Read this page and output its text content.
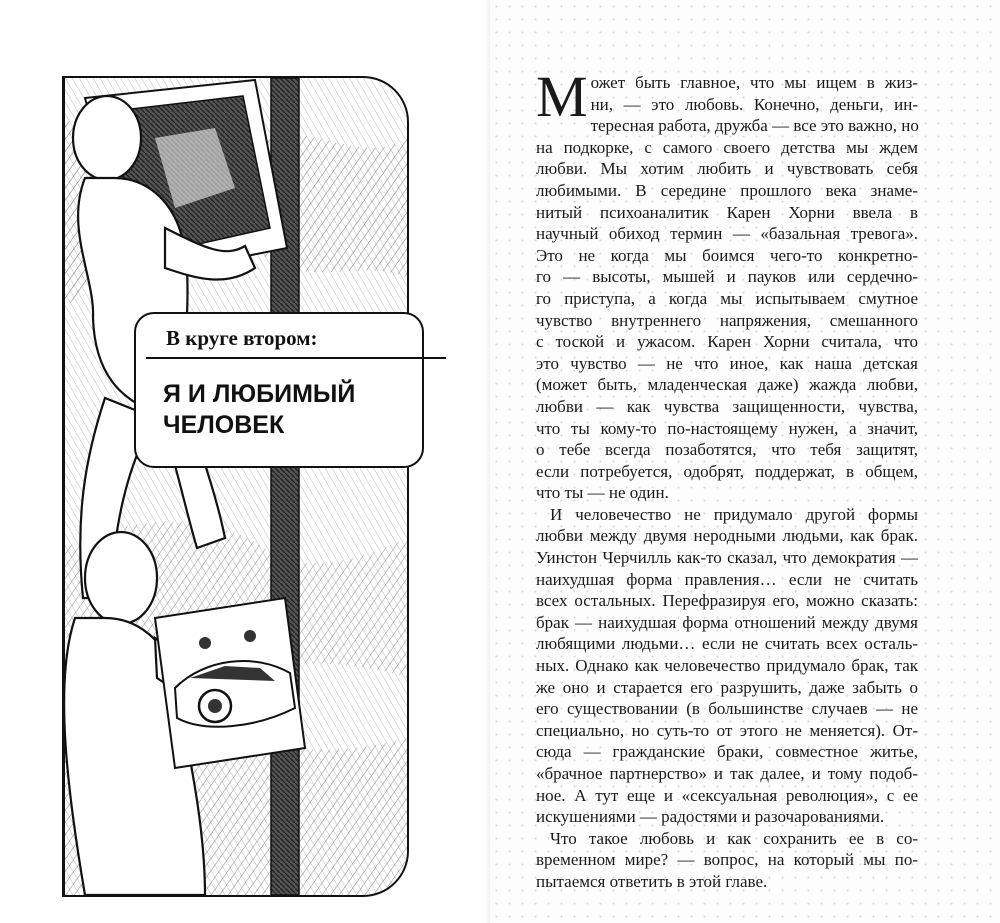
В круге втором:
Я И ЛЮБИМЫЙ ЧЕЛОВЕК
М ожет быть главное, что мы ищем в жиз-
ни, — это любовь. Конечно, деньги, ин-
тересная работа, дружба — все это важно, но
на подкорке, с самого своего детства мы ждем
любви. Мы хотим любить и чувствовать себя
любимыми. В середине прошлого века знаме-
нитый психоаналитик Карен Хорни ввела в
научный обиход термин — «базальная тревога».
Это не когда мы боимся чего-то конкретно-
го — высоты, мышей и пауков или сердечно-
го приступа, а когда мы испытываем смутное
чувство внутреннего напряжения, смешанного
с тоской и ужасом. Карен Хорни считала, что
это чувство — не что иное, как наша детская
(может быть, младенческая даже) жажда любви,
любви — как чувства защищенности, чувства,
что ты кому-то по-настоящему нужен, а значит,
о тебе всегда позаботятся, что тебя защитят,
если потребуется, одобрят, поддержат, в общем,
что ты — не один.
И человечество не придумало другой формы
любви между двумя неродными людьми, как брак.
Уинстон Черчилль как-то сказал, что демократия —
наихудшая форма правления… если не считать
всех остальных. Перефразируя его, можно сказать:
брак — наихудшая форма отношений между двумя
любящими людьми… если не считать всех осталь-
ных. Однако как человечество придумало брак, так
же оно и старается его разрушить, даже забыть о
его существовании (в большинстве случаев — не
специально, но суть-то от этого не меняется). От-
сюда — гражданские браки, совместное житье,
«брачное партнерство» и так далее, и тому подоб-
ное. А тут еще и «сексуальная революция», с ее
искушениями — радостями и разочарованиями.
Что такое любовь и как сохранить ее в со-
временном мире? — вопрос, на который мы по-
пытаемся ответить в этой главе.
